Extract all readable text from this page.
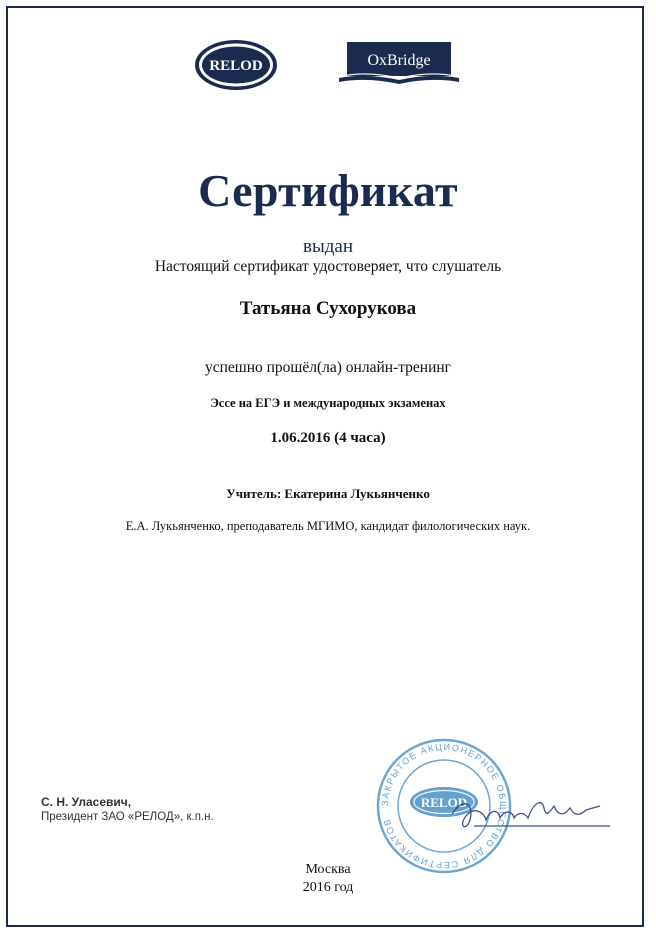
RELOD	OxBridge
Сертификат
выдан
Настоящий сертификат удостоверяет, что слушатель
Татьяна Сухорукова
успешно прошёл(ла) онлайн-тренинг
Эссе на ЕГЭ и международных экзаменах
1.06.2016 (4 часа)
Учитель: Екатерина Лукьянченко
Е.А. Лукьянченко, преподаватель МГИМО, кандидат филологических наук.
С. Н. Уласевич,
Президент ЗАО «РЕЛОД», к.п.н.
ЗАКРЫТОЕ АКЦИОНЕРНОЕ ОБЩЕСТВО ДЛЯ СЕРТИФИКАТОВ
RELOD
Москва
2016 год
